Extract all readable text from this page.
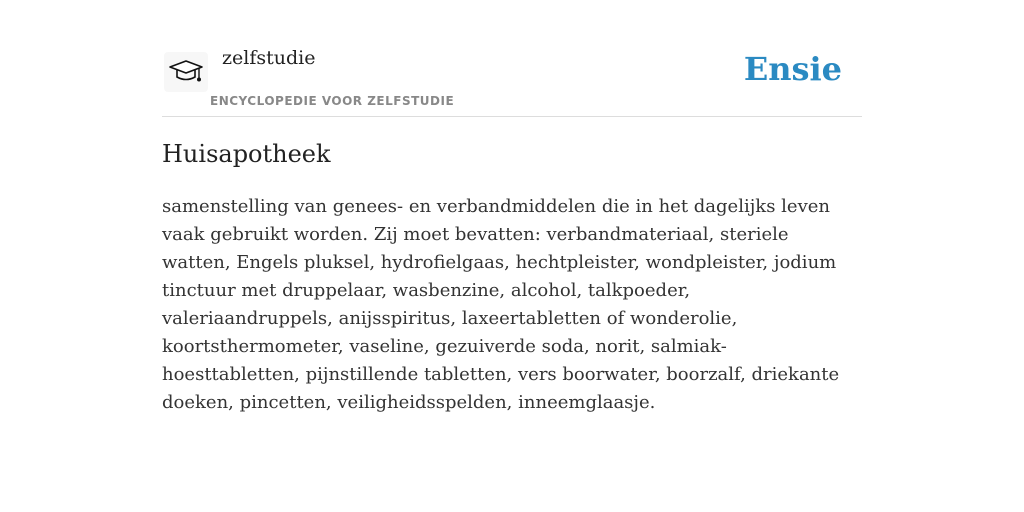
zelfstudie
ENCYCLOPEDIE VOOR ZELFSTUDIE
Ensie
Huisapotheek

samenstelling van genees- en verbandmiddelen die in het dagelijks leven vaak gebruikt worden. Zij moet bevatten: verbandmateriaal, steriele watten, Engels pluksel, hydrofielgaas, hechtpleister, wondpleister, jodium tinctuur met druppelaar, wasbenzine, alcohol, talkpoeder, valeriaandruppels, anijsspiritus, laxeertabletten of wonderolie, koortsthermometer, vaseline, gezuiverde soda, norit, salmiak-hoesttabletten, pijnstillende tabletten, vers boorwater, boorzalf, driekante doeken, pincetten, veiligheidsspelden, inneemglaasje.
